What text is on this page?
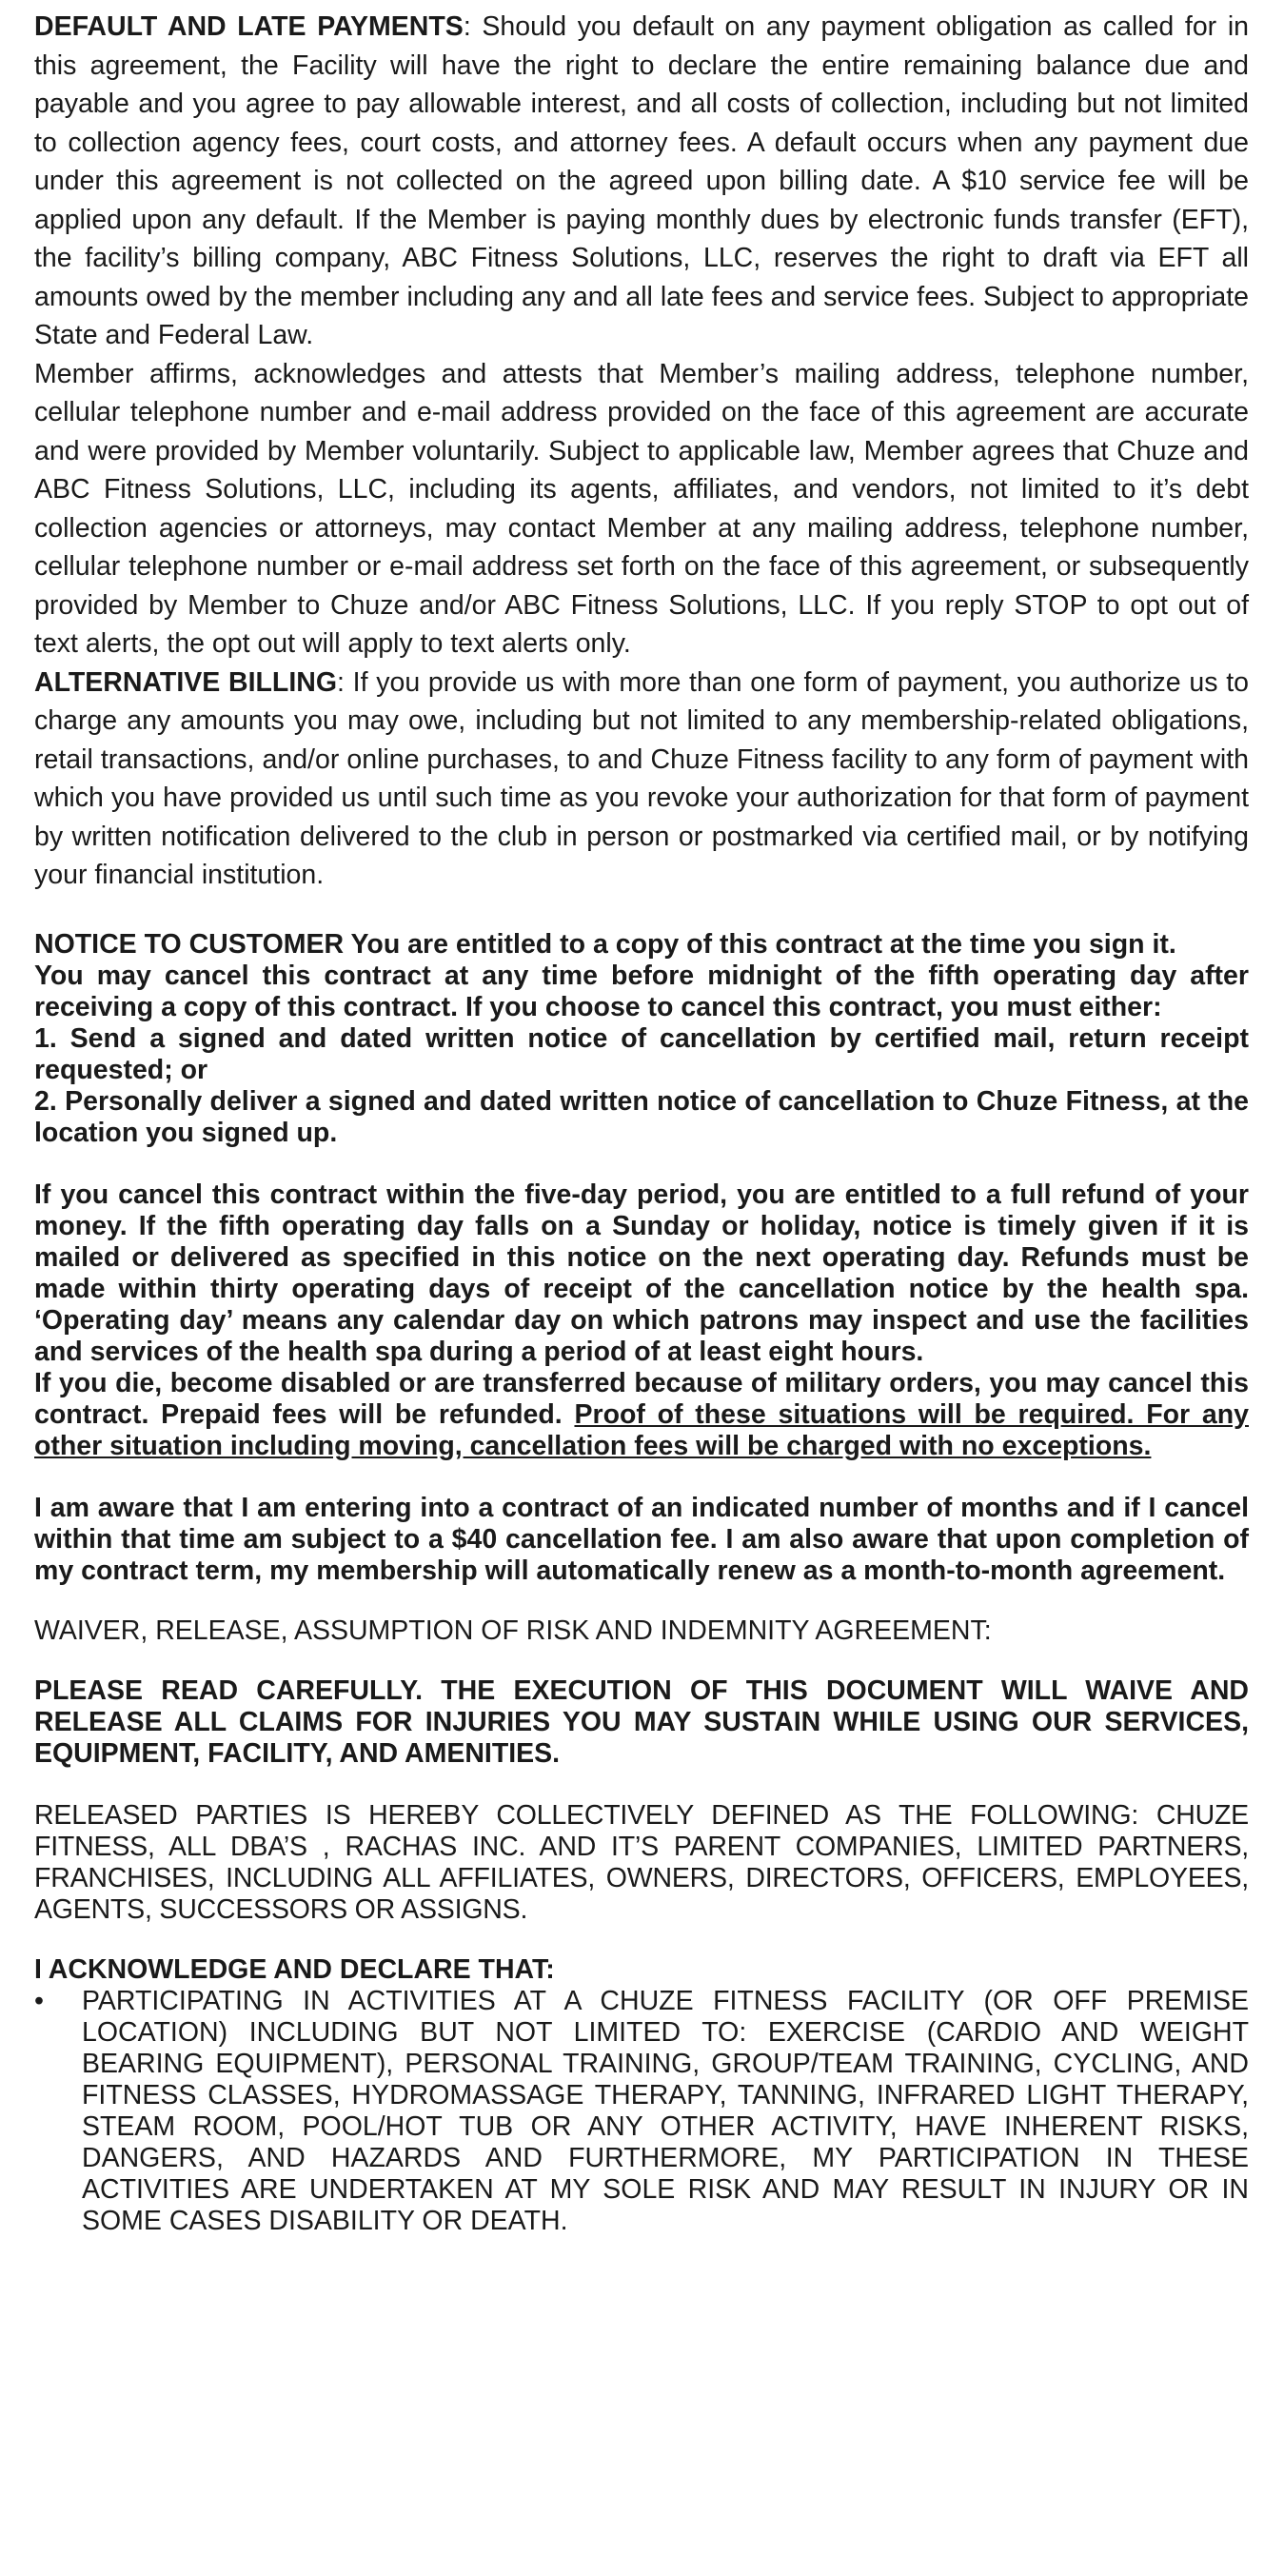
DEFAULT AND LATE PAYMENTS: Should you default on any payment obligation as called for in this agreement, the Facility will have the right to declare the entire remaining balance due and payable and you agree to pay allowable interest, and all costs of collection, including but not limited to collection agency fees, court costs, and attorney fees. A default occurs when any payment due under this agreement is not collected on the agreed upon billing date. A $10 service fee will be applied upon any default. If the Member is paying monthly dues by electronic funds transfer (EFT), the facility’s billing company, ABC Fitness Solutions, LLC, reserves the right to draft via EFT all amounts owed by the member including any and all late fees and service fees. Subject to appropriate State and Federal Law.

Member affirms, acknowledges and attests that Member’s mailing address, telephone number, cellular telephone number and e-mail address provided on the face of this agreement are accurate and were provided by Member voluntarily. Subject to applicable law, Member agrees that Chuze and ABC Fitness Solutions, LLC, including its agents, affiliates, and vendors, not limited to it’s debt collection agencies or attorneys, may contact Member at any mailing address, telephone number, cellular telephone number or e-mail address set forth on the face of this agreement, or subsequently provided by Member to Chuze and/or ABC Fitness Solutions, LLC. If you reply STOP to opt out of text alerts, the opt out will apply to text alerts only.

ALTERNATIVE BILLING: If you provide us with more than one form of payment, you authorize us to charge any amounts you may owe, including but not limited to any membership-related obligations, retail transactions, and/or online purchases, to and Chuze Fitness facility to any form of payment with which you have provided us until such time as you revoke your authorization for that form of payment by written notification delivered to the club in person or postmarked via certified mail, or by notifying your financial institution.

NOTICE TO CUSTOMER You are entitled to a copy of this contract at the time you sign it.

You may cancel this contract at any time before midnight of the fifth operating day after receiving a copy of this contract. If you choose to cancel this contract, you must either:

1. Send a signed and dated written notice of cancellation by certified mail, return receipt requested; or

2. Personally deliver a signed and dated written notice of cancellation to Chuze Fitness, at the location you signed up.

If you cancel this contract within the five-day period, you are entitled to a full refund of your money. If the fifth operating day falls on a Sunday or holiday, notice is timely given if it is mailed or delivered as specified in this notice on the next operating day. Refunds must be made within thirty operating days of receipt of the cancellation notice by the health spa. ‘Operating day’ means any calendar day on which patrons may inspect and use the facilities and services of the health spa during a period of at least eight hours.

If you die, become disabled or are transferred because of military orders, you may cancel this contract. Prepaid fees will be refunded. Proof of these situations will be required. For any other situation including moving, cancellation fees will be charged with no exceptions.

I am aware that I am entering into a contract of an indicated number of months and if I cancel within that time am subject to a $40 cancellation fee. I am also aware that upon completion of my contract term, my membership will automatically renew as a month-to-month agreement.

WAIVER, RELEASE, ASSUMPTION OF RISK AND INDEMNITY AGREEMENT:

PLEASE READ CAREFULLY. THE EXECUTION OF THIS DOCUMENT WILL WAIVE AND RELEASE ALL CLAIMS FOR INJURIES YOU MAY SUSTAIN WHILE USING OUR SERVICES, EQUIPMENT, FACILITY, AND AMENITIES.

RELEASED PARTIES IS HEREBY COLLECTIVELY DEFINED AS THE FOLLOWING: CHUZE FITNESS, ALL DBA’S , RACHAS INC. AND IT’S PARENT COMPANIES, LIMITED PARTNERS, FRANCHISES, INCLUDING ALL AFFILIATES, OWNERS, DIRECTORS, OFFICERS, EMPLOYEES, AGENTS, SUCCESSORS OR ASSIGNS.

I ACKNOWLEDGE AND DECLARE THAT:

• PARTICIPATING IN ACTIVITIES AT A CHUZE FITNESS FACILITY (OR OFF PREMISE LOCATION) INCLUDING BUT NOT LIMITED TO: EXERCISE (CARDIO AND WEIGHT BEARING EQUIPMENT), PERSONAL TRAINING, GROUP/TEAM TRAINING, CYCLING, AND FITNESS CLASSES, HYDROMASSAGE THERAPY, TANNING, INFRARED LIGHT THERAPY, STEAM ROOM, POOL/HOT TUB OR ANY OTHER ACTIVITY, HAVE INHERENT RISKS, DANGERS, AND HAZARDS AND FURTHERMORE, MY PARTICIPATION IN THESE ACTIVITIES ARE UNDERTAKEN AT MY SOLE RISK AND MAY RESULT IN INJURY OR IN SOME CASES DISABILITY OR DEATH.
